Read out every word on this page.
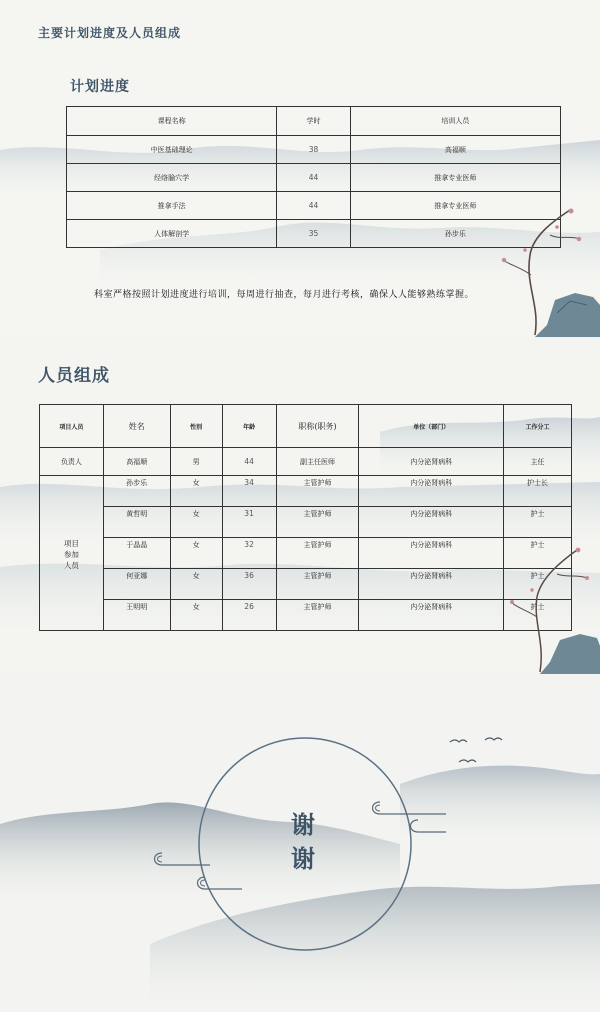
主要计划进度及人员组成
计划进度
课程名称	学时	培训人员
中医基础理论	38	高福顺
经络腧穴学	44	推拿专业医师
推拿手法	44	推拿专业医师
人体解剖学	35	孙步乐
科室严格按照计划进度进行培训，每周进行抽查，每月进行考核，确保人人能够熟练掌握。
人员组成
项目人员	姓名	性别	年龄	职称(职务)	单位（部门）	工作分工
负责人	高福顺	男	44	副主任医师	内分泌肾病科	主任
项目
参加
人员	孙步乐	女	34	主管护师	内分泌肾病科	护士长
	黄哲明	女	31	主管护师	内分泌肾病科	护士
	于晶晶	女	32	主管护师	内分泌肾病科	护士
	何亚娜	女	36	主管护师	内分泌肾病科	护士
	王明明	女	26	主管护师	内分泌肾病科	护士
谢
谢
